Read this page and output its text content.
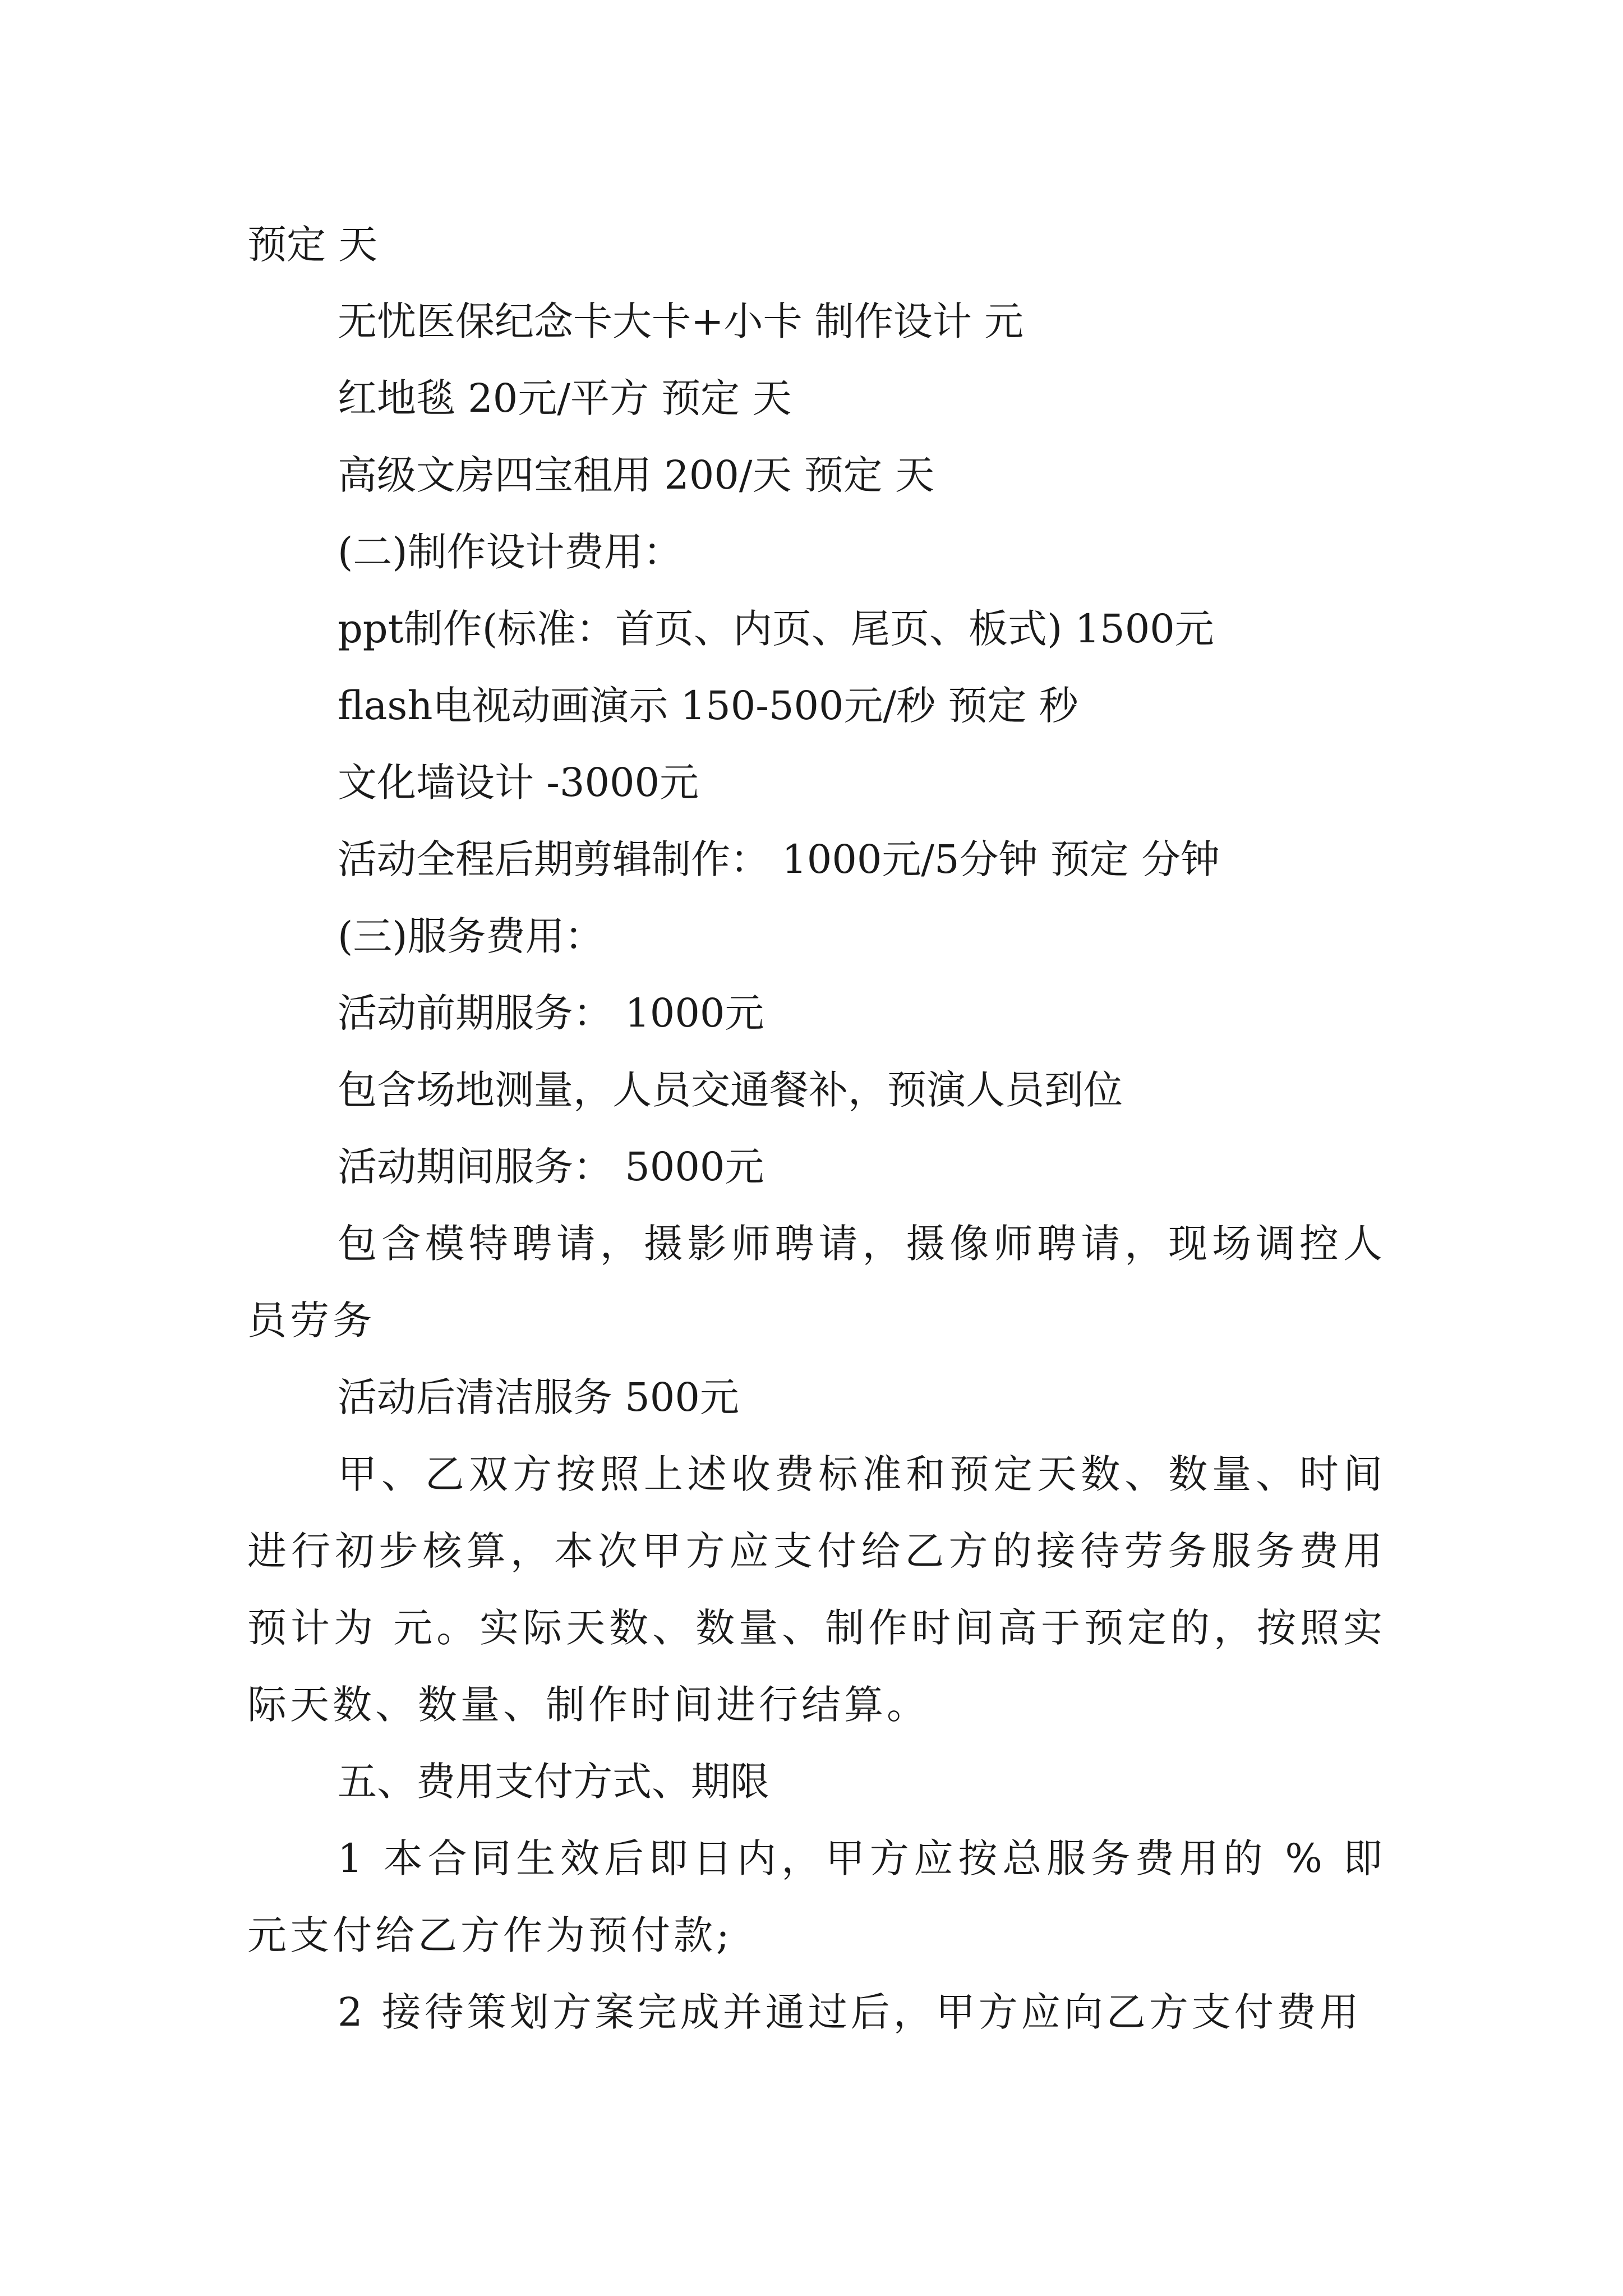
预定 天
无忧医保纪念卡大卡+小卡 制作设计 元
红地毯 20元/平方 预定 天
高级文房四宝租用 200/天 预定 天
(二)制作设计费用：
ppt制作(标准：首页、内页、尾页、板式) 1500元
flash电视动画演示 150-500元/秒 预定 秒
文化墙设计 -3000元
活动全程后期剪辑制作： 1000元/5分钟 预定 分钟
(三)服务费用：
活动前期服务： 1000元
包含场地测量，人员交通餐补，预演人员到位
活动期间服务： 5000元
包含模特聘请，摄影师聘请，摄像师聘请，现场调控人员劳务
活动后清洁服务 500元
甲、乙双方按照上述收费标准和预定天数、数量、时间进行初步核算，本次甲方应支付给乙方的接待劳务服务费用预计为 元。实际天数、数量、制作时间高于预定的，按照实际天数、数量、制作时间进行结算。
五、费用支付方式、期限
1 本合同生效后即日内，甲方应按总服务费用的 % 即 元支付给乙方作为预付款;
2 接待策划方案完成并通过后，甲方应向乙方支付费用
